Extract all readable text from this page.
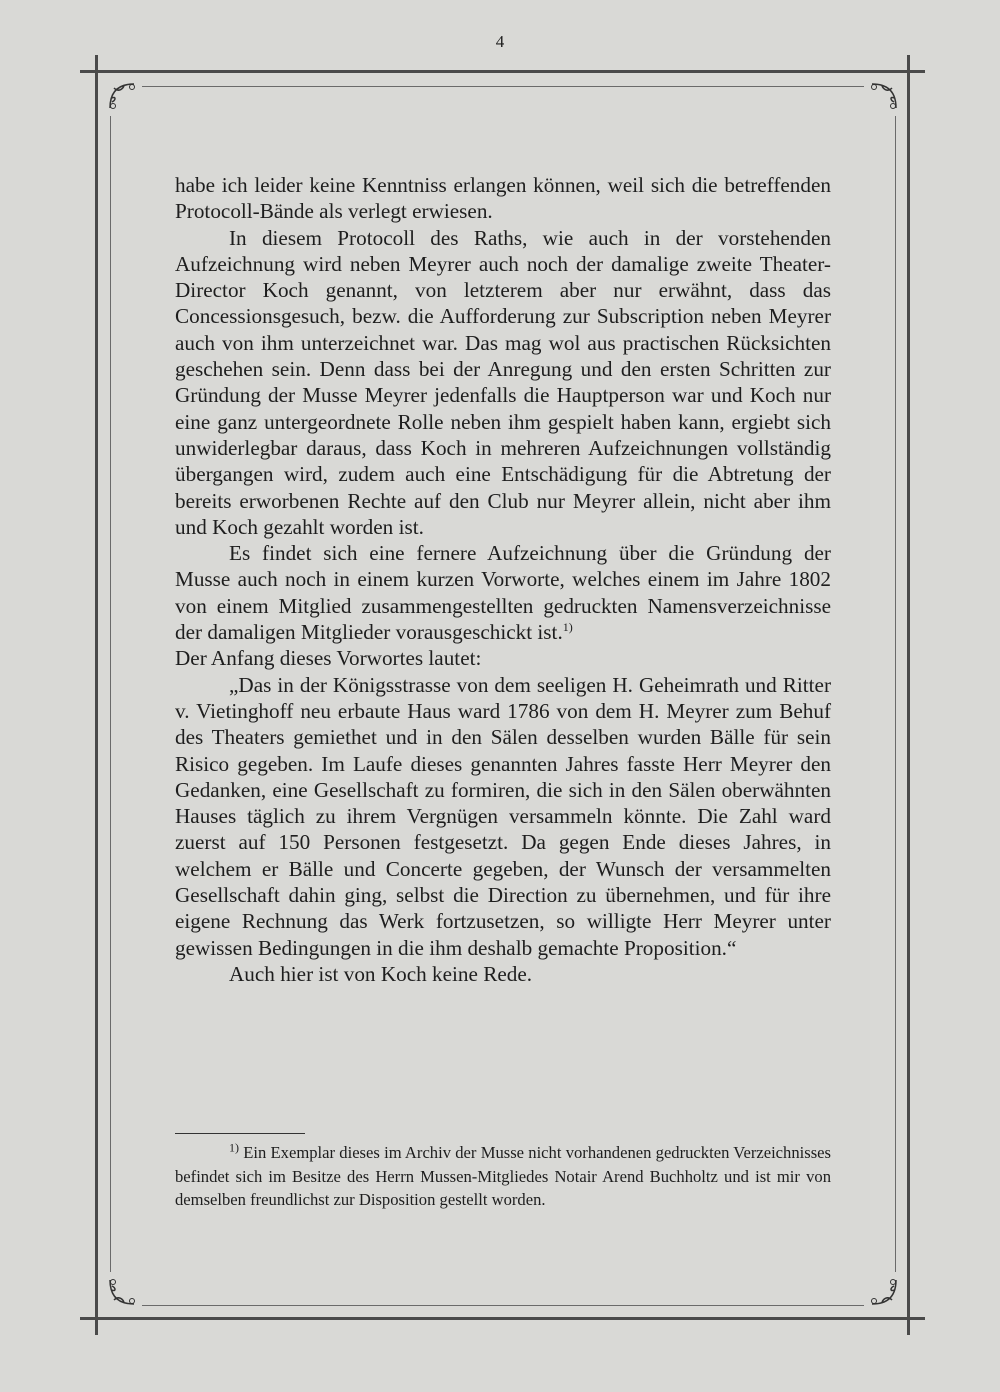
4

habe ich leider keine Kenntniss erlangen können, weil sich die betreffenden Protocoll-Bände als verlegt erwiesen.

In diesem Protocoll des Raths, wie auch in der vorstehenden Aufzeichnung wird neben Meyrer auch noch der damalige zweite Theater-Director Koch genannt, von letzterem aber nur erwähnt, dass das Concessionsgesuch, bezw. die Aufforderung zur Subscription neben Meyrer auch von ihm unterzeichnet war. Das mag wol aus practischen Rücksichten geschehen sein. Denn dass bei der Anregung und den ersten Schritten zur Gründung der Musse Meyrer jedenfalls die Hauptperson war und Koch nur eine ganz untergeordnete Rolle neben ihm gespielt haben kann, ergiebt sich unwiderlegbar daraus, dass Koch in mehreren Aufzeichnungen vollständig übergangen wird, zudem auch eine Entschädigung für die Abtretung der bereits erworbenen Rechte auf den Club nur Meyrer allein, nicht aber ihm und Koch gezahlt worden ist.

Es findet sich eine fernere Aufzeichnung über die Gründung der Musse auch noch in einem kurzen Vorworte, welches einem im Jahre 1802 von einem Mitglied zusammengestellten gedruckten Namensverzeichnisse der damaligen Mitglieder vorausgeschickt ist.$^{1)}$

Der Anfang dieses Vorwortes lautet:

„Das in der Königsstrasse von dem seeligen H. Geheimrath und Ritter v. Vietinghoff neu erbaute Haus ward 1786 von dem H. Meyrer zum Behuf des Theaters gemiethet und in den Sälen desselben wurden Bälle für sein Risico gegeben. Im Laufe dieses genannten Jahres fasste Herr Meyrer den Gedanken, eine Gesellschaft zu formiren, die sich in den Sälen oberwähnten Hauses täglich zu ihrem Vergnügen versammeln könnte. Die Zahl ward zuerst auf 150 Personen festgesetzt. Da gegen Ende dieses Jahres, in welchem er Bälle und Concerte gegeben, der Wunsch der versammelten Gesellschaft dahin ging, selbst die Direction zu übernehmen, und für ihre eigene Rechnung das Werk fortzusetzen, so willigte Herr Meyrer unter gewissen Bedingungen in die ihm deshalb gemachte Proposition.“

Auch hier ist von Koch keine Rede.

$^{1)}$ Ein Exemplar dieses im Archiv der Musse nicht vorhandenen gedruckten Verzeichnisses befindet sich im Besitze des Herrn Mussen-Mitgliedes Notair Arend Buchholtz und ist mir von demselben freundlichst zur Disposition gestellt worden.
